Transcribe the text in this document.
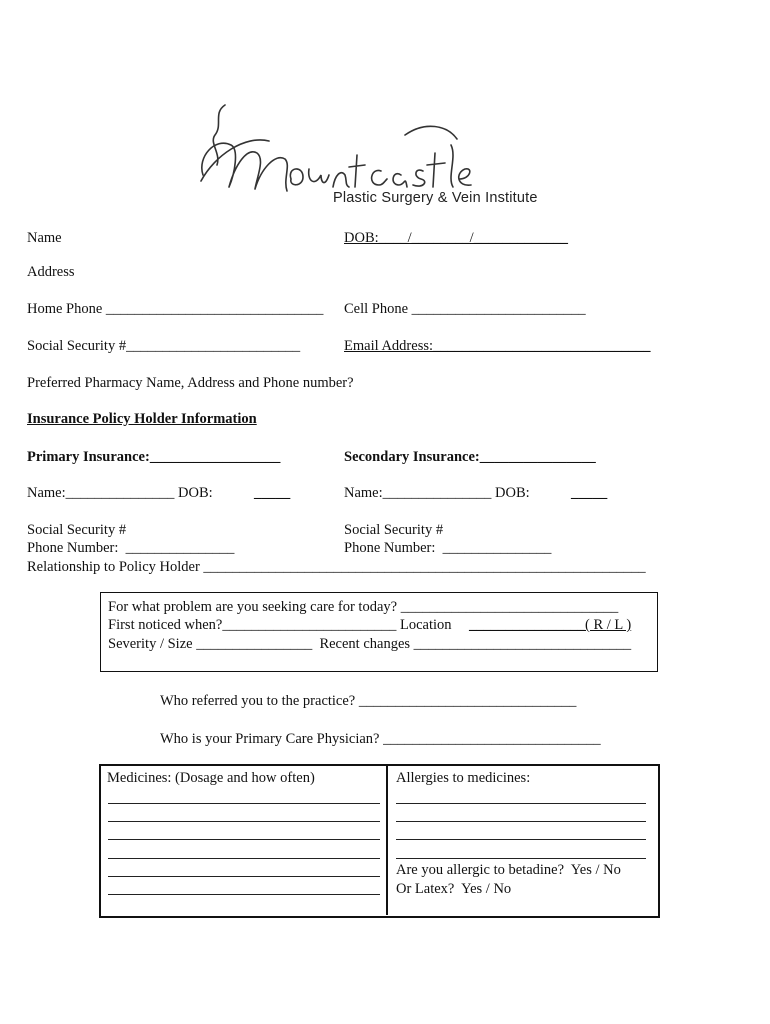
Plastic Surgery & Vein Institute
Name	DOB:____/________/_____________
Address
Home Phone ______________________________ Cell Phone ________________________
Social Security #________________________	Email Address:______________________________
Preferred Pharmacy Name, Address and Phone number?
Insurance Policy Holder Information
Primary Insurance:__________________	Secondary Insurance:________________
Name:_______________ DOB:	_____	Name:_______________ DOB:	_____
Social Security #	Social Security #
Phone Number:  _______________	Phone Number:  _______________
Relationship to Policy Holder _____________________________________________________________
For what problem are you seeking care for today? ______________________________
First noticed when?________________________ Location ________________( R / L )
Severity / Size ________________  Recent changes ______________________________
Who referred you to the practice? ______________________________
Who is your Primary Care Physician? ______________________________
Medicines: (Dosage and how often)	Allergies to medicines:
Are you allergic to betadine?  Yes / No
Or Latex?  Yes / No
